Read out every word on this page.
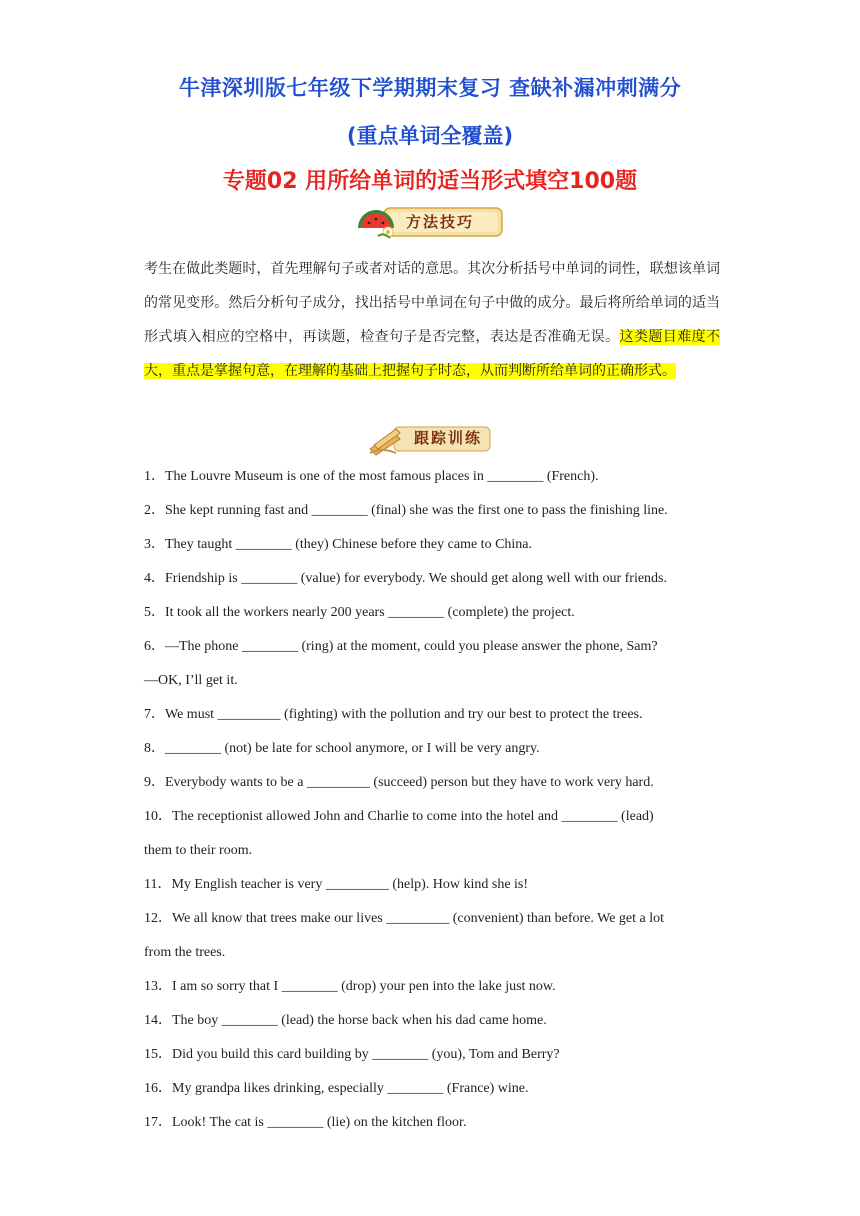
牛津深圳版七年级下学期期末复习 查缺补漏冲刺满分
(重点单词全覆盖)
专题02 用所给单词的适当形式填空100题
方法技巧

考生在做此类题时，首先理解句子或者对话的意思。其次分析括号中单词的词性，联想该单词的常见变形。然后分析句子成分，找出括号中单词在句子中做的成分。最后将所给单词的适当形式填入相应的空格中，再读题，检查句子是否完整，表达是否准确无误。这类题目难度不大，重点是掌握句意，在理解的基础上把握句子时态，从而判断所给单词的正确形式。

跟踪训练

1．The Louvre Museum is one of the most famous places in ________ (French).

2．She kept running fast and ________ (final) she was the first one to pass the finishing line.

3．They taught ________ (they) Chinese before they came to China.

4．Friendship is ________ (value) for everybody. We should get along well with our friends.

5．It took all the workers nearly 200 years ________ (complete) the project.

6．—The phone ________ (ring) at the moment, could you please answer the phone, Sam?
—OK, I’ll get it.

7．We must _________ (fighting) with the pollution and try our best to protect the trees.

8．________ (not) be late for school anymore, or I will be very angry.

9．Everybody wants to be a _________ (succeed) person but they have to work very hard.

10．The receptionist allowed John and Charlie to come into the hotel and ________ (lead)
them to their room.

11．My English teacher is very _________ (help). How kind she is!

12．We all know that trees make our lives _________ (convenient) than before. We get a lot
from the trees.

13．I am so sorry that I ________ (drop) your pen into the lake just now.

14．The boy ________ (lead) the horse back when his dad came home.

15．Did you build this card building by ________ (you), Tom and Berry?

16．My grandpa likes drinking, especially ________ (France) wine.

17．Look! The cat is ________ (lie) on the kitchen floor.
